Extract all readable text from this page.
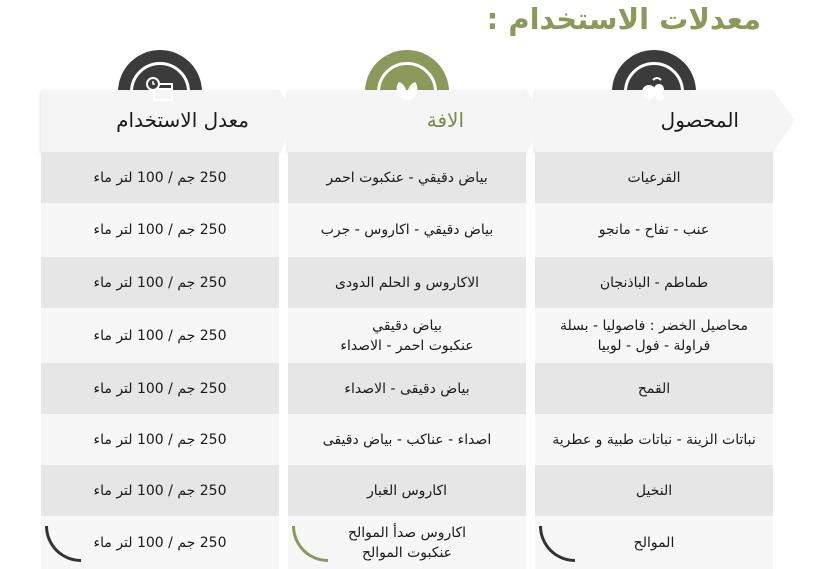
معدلات الاستخدام :
المحصول
القرعيات
عنب - تفاح - مانجو
طماطم - الباذنجان
محاصيل الخضر : فاصوليا - بسلة
فراولة - فول - لوبيا
القمح
نباتات الزينة - نباتات طبية و عطرية
النخيل
الموالح
الافة
بياض دقيقي - عنكبوت احمر
بياض دقيقي - اكاروس - جرب
الاكاروس و الحلم الدودى
بياض دقيقي
عنكبوت احمر - الاصداء
بياض دقيقى - الاصداء
اصداء - عناكب - بياض دقيقى
اكاروس الغبار
اكاروس صدأ الموالح
عنكبوت الموالح
معدل الاستخدام
250 جم / 100 لتر ماء
250 جم / 100 لتر ماء
250 جم / 100 لتر ماء
250 جم / 100 لتر ماء
250 جم / 100 لتر ماء
250 جم / 100 لتر ماء
250 جم / 100 لتر ماء
250 جم / 100 لتر ماء
